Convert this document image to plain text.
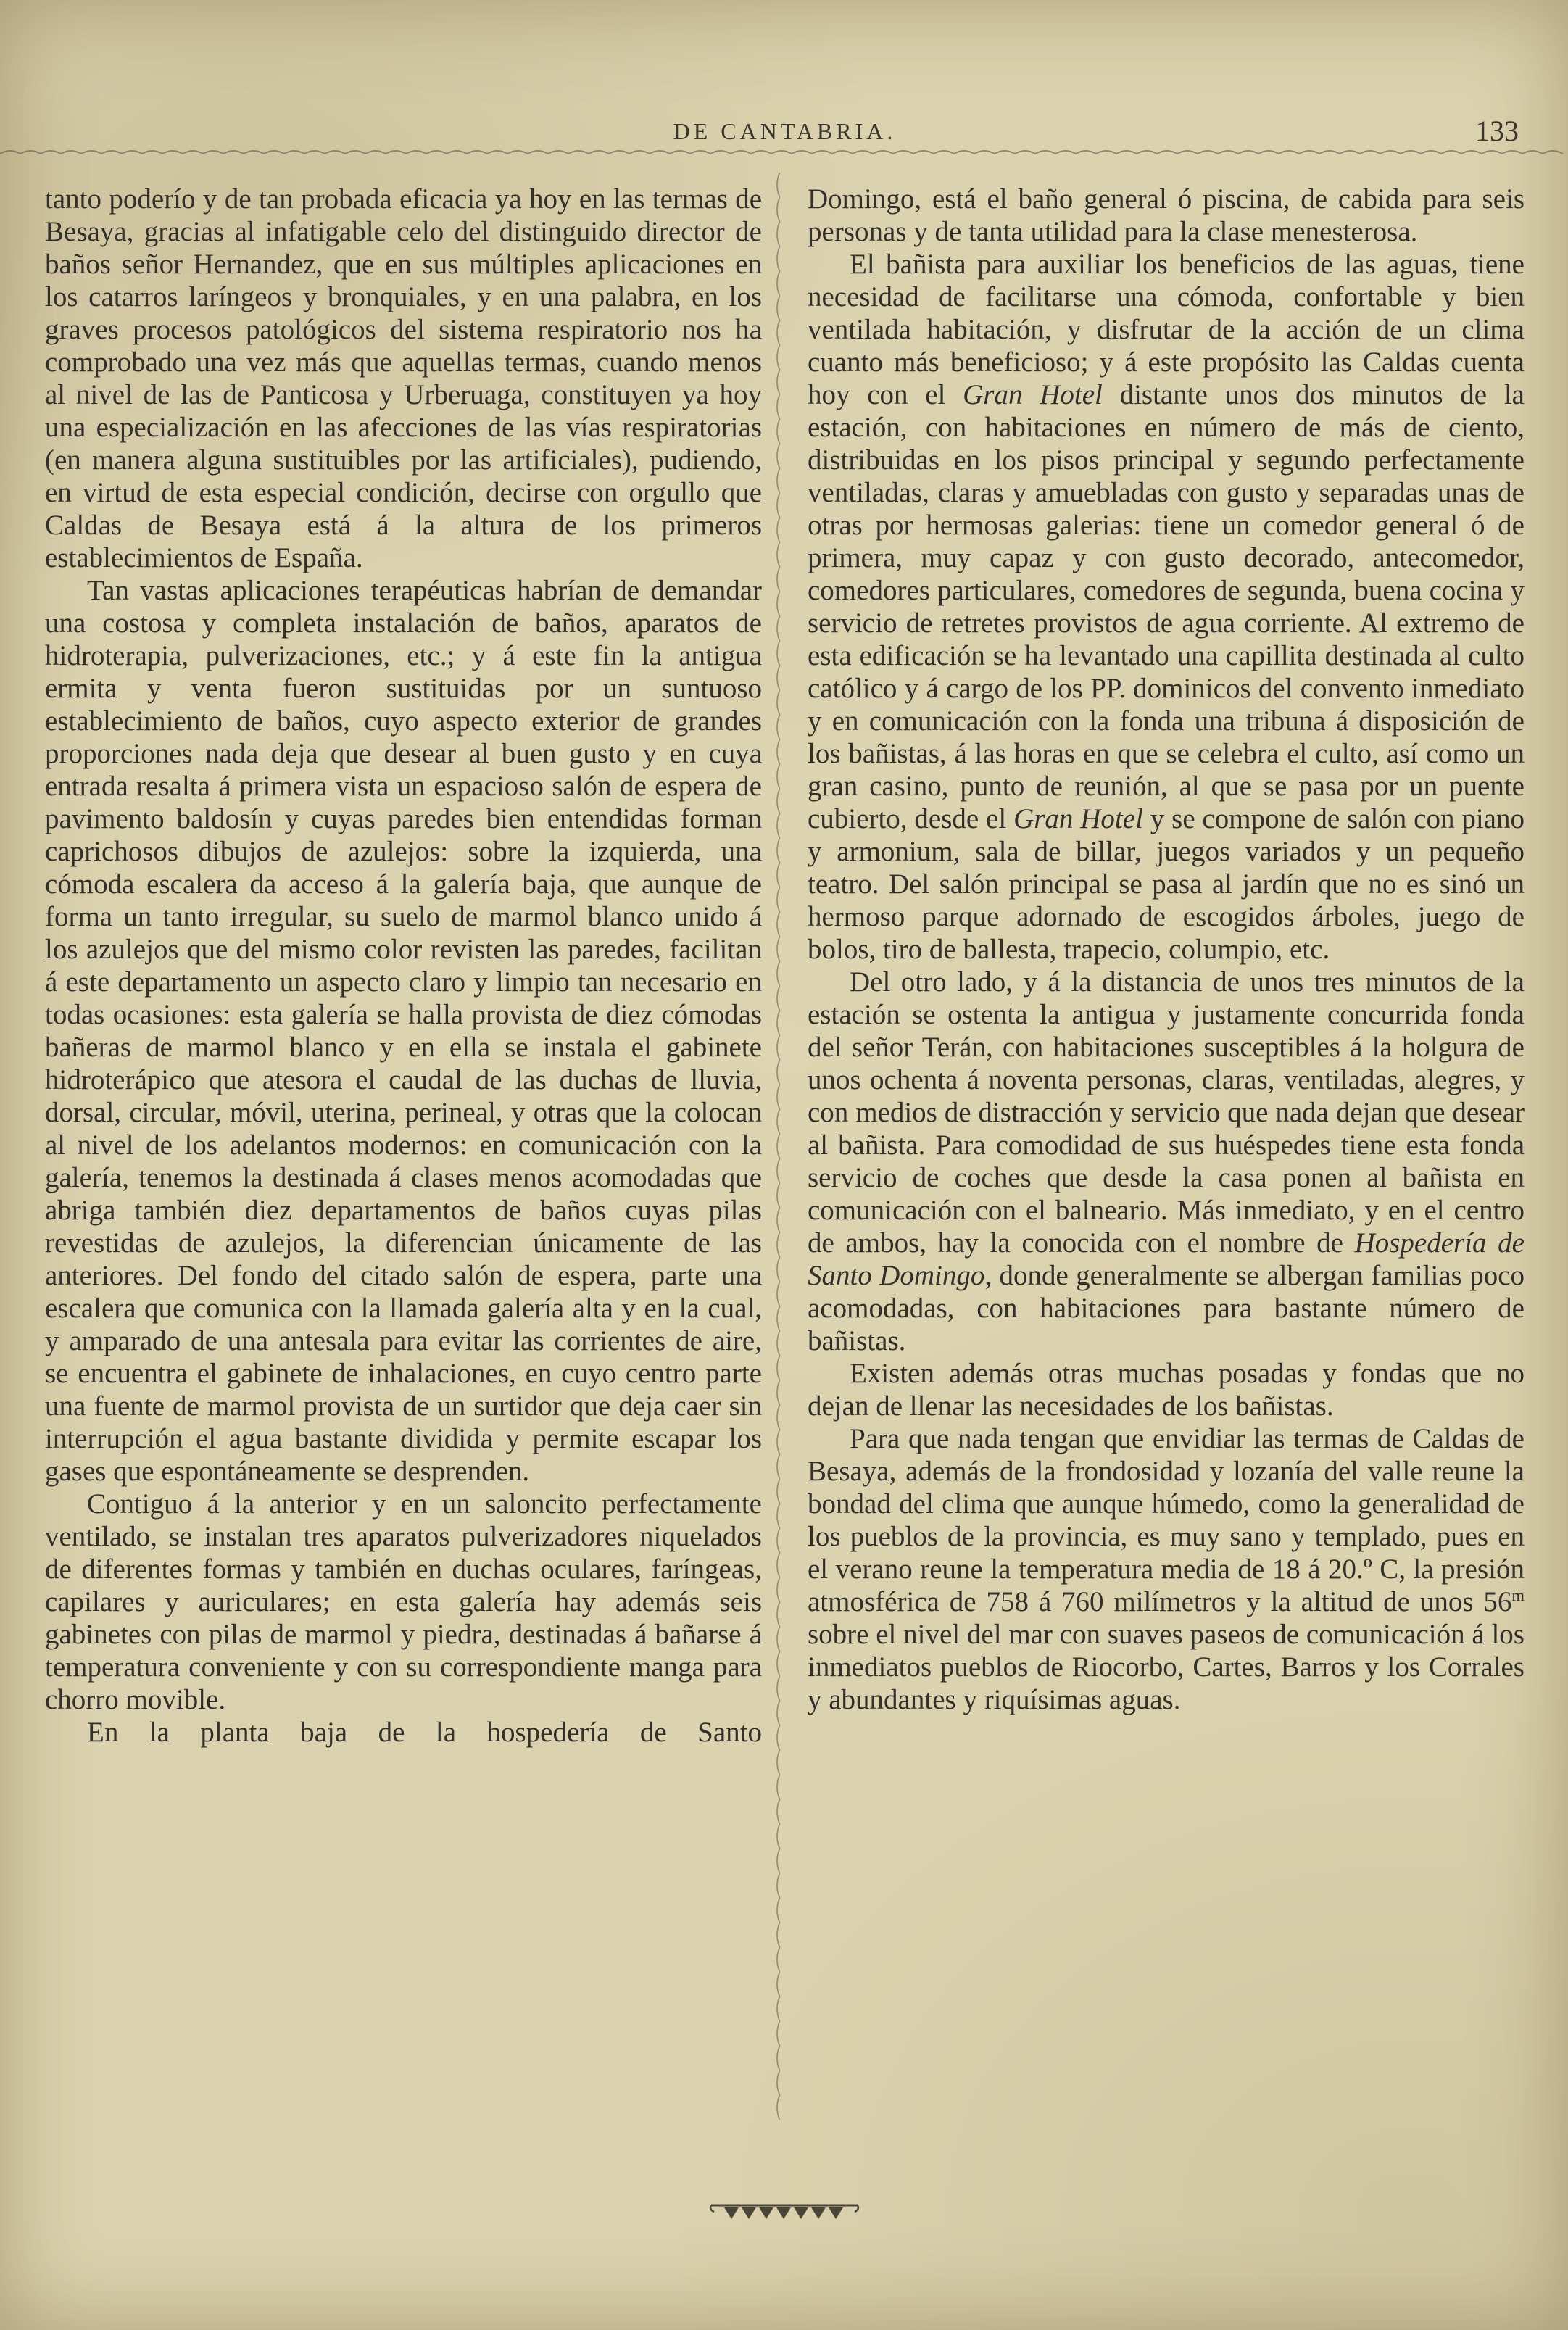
DE CANTABRIA.	133

tanto poderío y de tan probada eficacia ya hoy en las termas de Besaya, gracias al infatigable celo del distinguido director de baños señor Hernandez, que en sus múltiples aplicaciones en los catarros laríngeos y bronquiales, y en una palabra, en los graves procesos patológicos del sistema respiratorio nos ha comprobado una vez más que aquellas termas, cuando menos al nivel de las de Panticosa y Urberuaga, constituyen ya hoy una especialización en las afecciones de las vías respiratorias (en manera alguna sustituibles por las artificiales), pudiendo, en virtud de esta especial condición, decirse con orgullo que Caldas de Besaya está á la altura de los primeros establecimientos de España.

Tan vastas aplicaciones terapéuticas habrían de demandar una costosa y completa instalación de baños, aparatos de hidroterapia, pulverizaciones, etc.; y á este fin la antigua ermita y venta fueron sustituidas por un suntuoso establecimiento de baños, cuyo aspecto exterior de grandes proporciones nada deja que desear al buen gusto y en cuya entrada resalta á primera vista un espacioso salón de espera de pavimento baldosín y cuyas paredes bien entendidas forman caprichosos dibujos de azulejos: sobre la izquierda, una cómoda escalera da acceso á la galería baja, que aunque de forma un tanto irregular, su suelo de marmol blanco unido á los azulejos que del mismo color revisten las paredes, facilitan á este departamento un aspecto claro y limpio tan necesario en todas ocasiones: esta galería se halla provista de diez cómodas bañeras de marmol blanco y en ella se instala el gabinete hidroterápico que atesora el caudal de las duchas de lluvia, dorsal, circular, móvil, uterina, perineal, y otras que la colocan al nivel de los adelantos modernos: en comunicación con la galería, tenemos la destinada á clases menos acomodadas que abriga también diez departamentos de baños cuyas pilas revestidas de azulejos, la diferencian únicamente de las anteriores. Del fondo del citado salón de espera, parte una escalera que comunica con la llamada galería alta y en la cual, y amparado de una antesala para evitar las corrientes de aire, se encuentra el gabinete de inhalaciones, en cuyo centro parte una fuente de marmol provista de un surtidor que deja caer sin interrupción el agua bastante dividida y permite escapar los gases que espontáneamente se desprenden.

Contiguo á la anterior y en un saloncito perfectamente ventilado, se instalan tres aparatos pulverizadores niquelados de diferentes formas y también en duchas oculares, faríngeas, capilares y auriculares; en esta galería hay además seis gabinetes con pilas de marmol y piedra, destinadas á bañarse á temperatura conveniente y con su correspondiente manga para chorro movible.

En la planta baja de la hospedería de Santo

Domingo, está el baño general ó piscina, de cabida para seis personas y de tanta utilidad para la clase menesterosa.

El bañista para auxiliar los beneficios de las aguas, tiene necesidad de facilitarse una cómoda, confortable y bien ventilada habitación, y disfrutar de la acción de un clima cuanto más beneficioso; y á este propósito las Caldas cuenta hoy con el Gran Hotel distante unos dos minutos de la estación, con habitaciones en número de más de ciento, distribuidas en los pisos principal y segundo perfectamente ventiladas, claras y amuebladas con gusto y separadas unas de otras por hermosas galerias: tiene un comedor general ó de primera, muy capaz y con gusto decorado, antecomedor, comedores particulares, comedores de segunda, buena cocina y servicio de retretes provistos de agua corriente. Al extremo de esta edificación se ha levantado una capillita destinada al culto católico y á cargo de los PP. dominicos del convento inmediato y en comunicación con la fonda una tribuna á disposición de los bañistas, á las horas en que se celebra el culto, así como un gran casino, punto de reunión, al que se pasa por un puente cubierto, desde el Gran Hotel y se compone de salón con piano y armonium, sala de billar, juegos variados y un pequeño teatro. Del salón principal se pasa al jardín que no es sinó un hermoso parque adornado de escogidos árboles, juego de bolos, tiro de ballesta, trapecio, columpio, etc.

Del otro lado, y á la distancia de unos tres minutos de la estación se ostenta la antigua y justamente concurrida fonda del señor Terán, con habitaciones susceptibles á la holgura de unos ochenta á noventa personas, claras, ventiladas, alegres, y con medios de distracción y servicio que nada dejan que desear al bañista. Para comodidad de sus huéspedes tiene esta fonda servicio de coches que desde la casa ponen al bañista en comunicación con el balneario. Más inmediato, y en el centro de ambos, hay la conocida con el nombre de Hospedería de Santo Domingo, donde generalmente se albergan familias poco acomodadas, con habitaciones para bastante número de bañistas.

Existen además otras muchas posadas y fondas que no dejan de llenar las necesidades de los bañistas.

Para que nada tengan que envidiar las termas de Caldas de Besaya, además de la frondosidad y lozanía del valle reune la bondad del clima que aunque húmedo, como la generalidad de los pueblos de la provincia, es muy sano y templado, pues en el verano reune la temperatura media de 18 á 20.º C, la presión atmosférica de 758 á 760 milímetros y la altitud de unos 56$^m$ sobre el nivel del mar con suaves paseos de comunicación á los inmediatos pueblos de Riocorbo, Cartes, Barros y los Corrales y abundantes y riquísimas aguas.
